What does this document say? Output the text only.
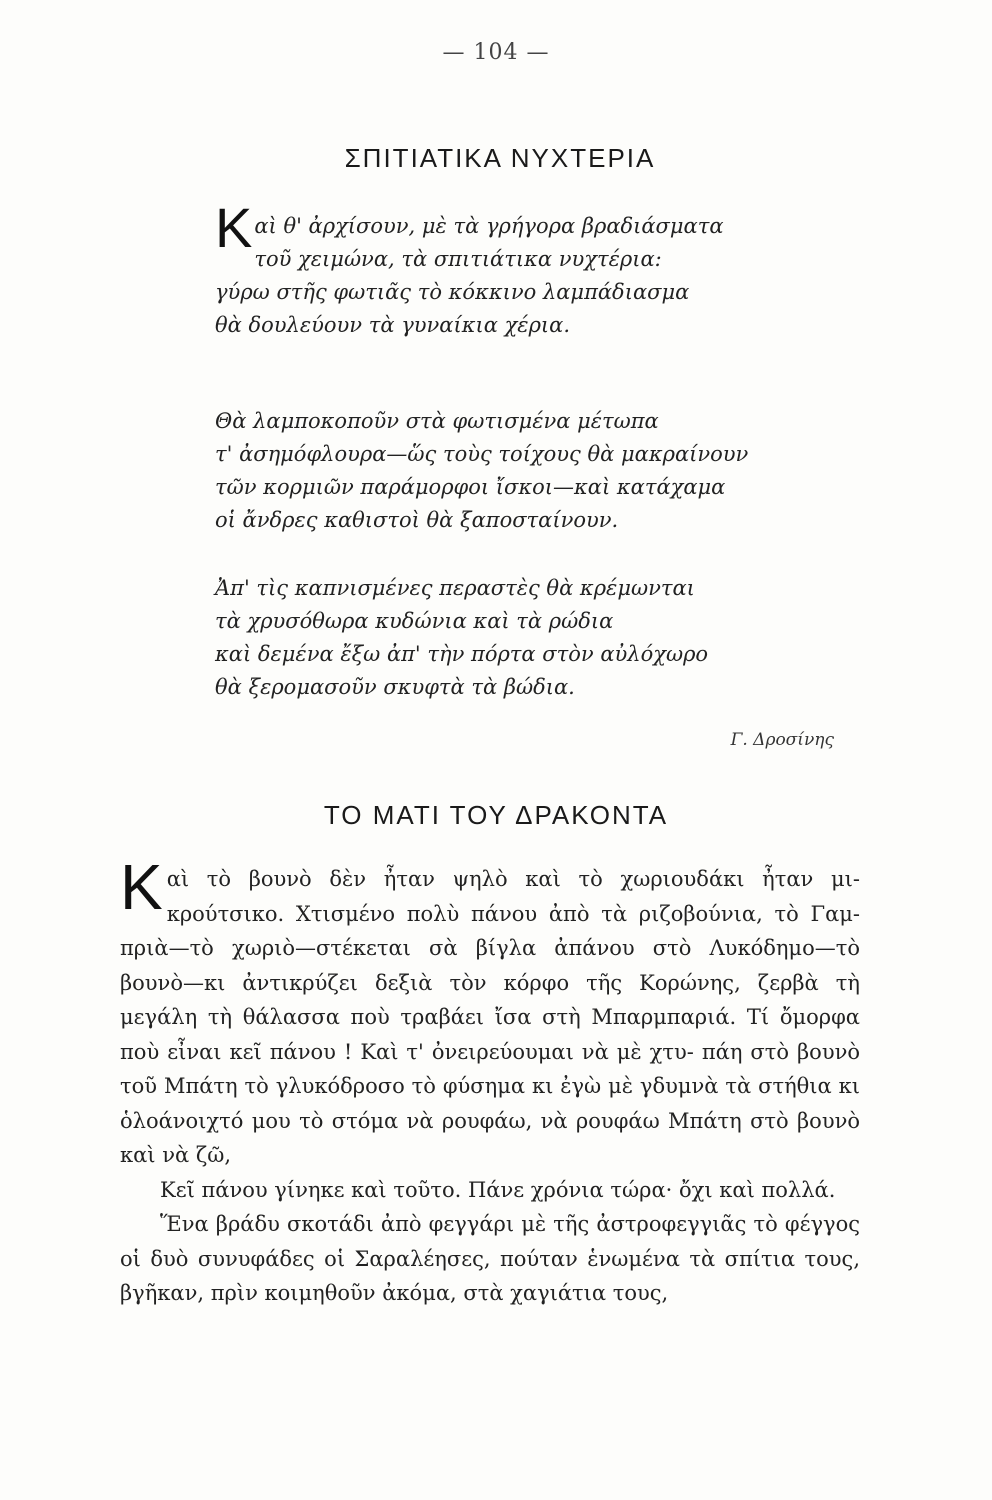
— 104 —
ΣΠΙΤΙΑΤΙΚΑ ΝΥΧΤΕΡΙΑ
Καὶ θ' ἀρχίσουν, μὲ τὰ γρήγορα βραδιάσματα
τοῦ χειμώνα, τὰ σπιτιάτικα νυχτέρια:
γύρω στῆς φωτιᾶς τὸ κόκκινο λαμπάδιασμα
θὰ δουλεύουν τὰ γυναίκια χέρια.
Θὰ λαμποκοποῦν στὰ φωτισμένα μέτωπα
τ' ἀσημόφλουρα—ὥς τοὺς τοίχους θὰ μακραίνουν
τῶν κορμιῶν παράμορφοι ἴσκοι—καὶ κατάχαμα
οἱ ἄνδρες καθιστοὶ θὰ ξαποσταίνουν.
Ἀπ' τὶς καπνισμένες περαστὲς θὰ κρέμωνται
τὰ χρυσόθωρα κυδώνια καὶ τὰ ρώδια
καὶ δεμένα ἔξω ἀπ' τὴν πόρτα στὸν αὐλόχωρο
θὰ ξερομασοῦν σκυφτὰ τὰ βώδια.
Γ. Δροσίνης
ΤΟ ΜΑΤΙ ΤΟΥ ΔΡΑΚΟΝΤΑ

Καὶ τὸ βουνὸ δὲν ἦταν ψηλὸ καὶ τὸ χωριουδάκι ἦταν μι- κρούτσικο. Χτισμένο πολὺ πάνου ἀπὸ τὰ ριζοβούνια, τὸ Γαμ- πριὰ—τὸ χωριὸ—στέκεται σὰ βίγλα ἀπάνου στὸ Λυκόδημο—τὸ βουνὸ—κι ἀντικρύζει δεξιὰ τὸν κόρφο τῆς Κορώνης, ζερβὰ τὴ μεγάλη τὴ θάλασσα ποὺ τραβάει ἴσα στὴ Μπαρμπαριά. Τί ὄμορφα ποὺ εἶναι κεῖ πάνου ! Καὶ τ' ὀνειρεύουμαι νὰ μὲ χτυ- πάη στὸ βουνὸ τοῦ Μπάτη τὸ γλυκόδροσο τὸ φύσημα κι ἐγὼ μὲ γδυμνὰ τὰ στήθια κι ὁλοάνοιχτό μου τὸ στόμα νὰ ρουφάω, νὰ ρουφάω Μπάτη στὸ βουνὸ καὶ νὰ ζῶ,

Κεῖ πάνου γίνηκε καὶ τοῦτο. Πάνε χρόνια τώρα· ὄχι καὶ πολλά.

Ἕνα βράδυ σκοτάδι ἀπὸ φεγγάρι μὲ τῆς ἀστροφεγγιᾶς τὸ φέγγος οἱ δυὸ συνυφάδες οἱ Σαραλέησες, πούταν ἑνωμένα τὰ σπίτια τους, βγῆκαν, πρὶν κοιμηθοῦν ἀκόμα, στὰ χαγιάτια τους,
